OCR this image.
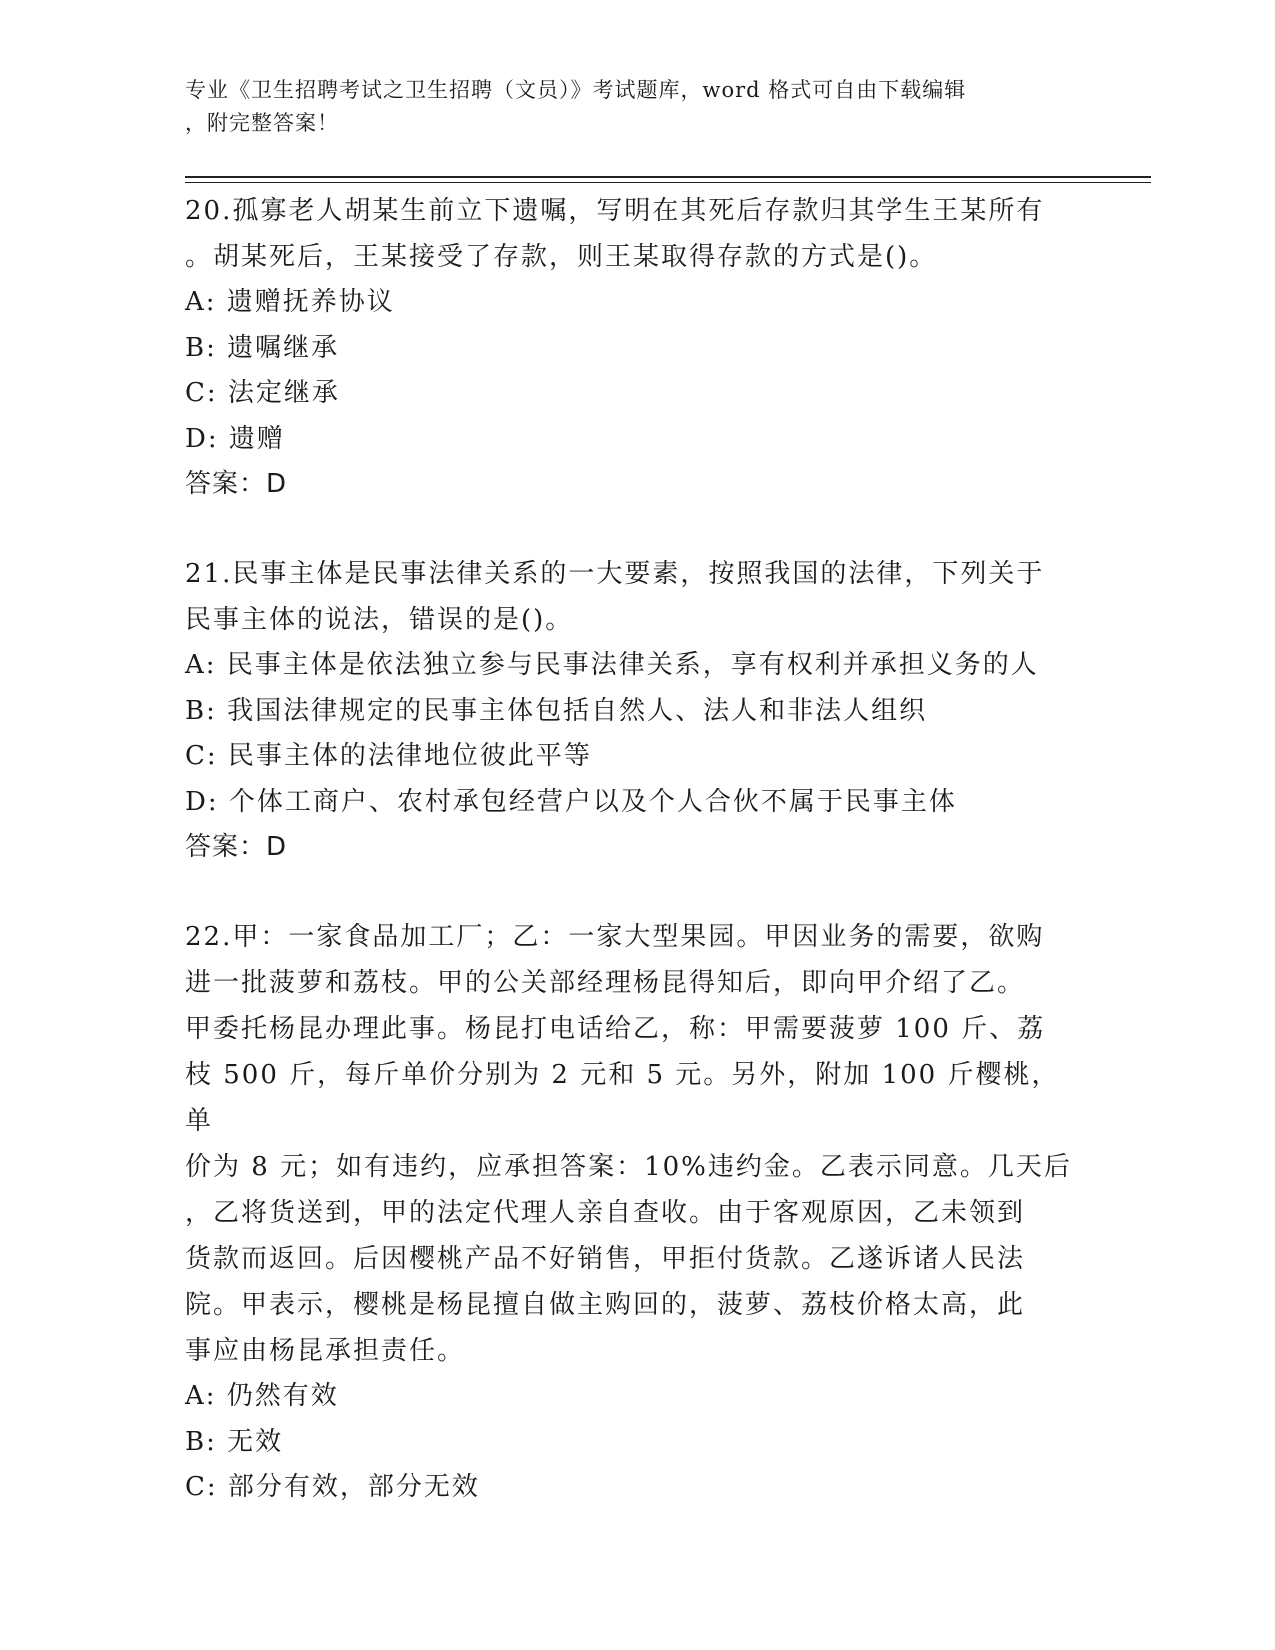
专业《卫生招聘考试之卫生招聘（文员）》考试题库，word 格式可自由下载编辑
，附完整答案！

20.孤寡老人胡某生前立下遗嘱，写明在其死后存款归其学生王某所有

。胡某死后，王某接受了存款，则王某取得存款的方式是()。

A: 遗赠抚养协议

B: 遗嘱继承

C: 法定继承

D: 遗赠

答案：D

21.民事主体是民事法律关系的一大要素，按照我国的法律，下列关于

民事主体的说法，错误的是()。

A: 民事主体是依法独立参与民事法律关系，享有权利并承担义务的人

B: 我国法律规定的民事主体包括自然人、法人和非法人组织

C: 民事主体的法律地位彼此平等

D: 个体工商户、农村承包经营户以及个人合伙不属于民事主体

答案：D

22.甲：一家食品加工厂；乙：一家大型果园。甲因业务的需要，欲购

进一批菠萝和荔枝。甲的公关部经理杨昆得知后，即向甲介绍了乙。

甲委托杨昆办理此事。杨昆打电话给乙，称：甲需要菠萝 100 斤、荔

枝 500 斤，每斤单价分别为 2 元和 5 元。另外，附加 100 斤樱桃，单

价为 8 元；如有违约，应承担答案：10%违约金。乙表示同意。几天后

，乙将货送到，甲的法定代理人亲自查收。由于客观原因，乙未领到

货款而返回。后因樱桃产品不好销售，甲拒付货款。乙遂诉诸人民法

院。甲表示，樱桃是杨昆擅自做主购回的，菠萝、荔枝价格太高，此

事应由杨昆承担责任。

A: 仍然有效

B: 无效

C: 部分有效，部分无效
